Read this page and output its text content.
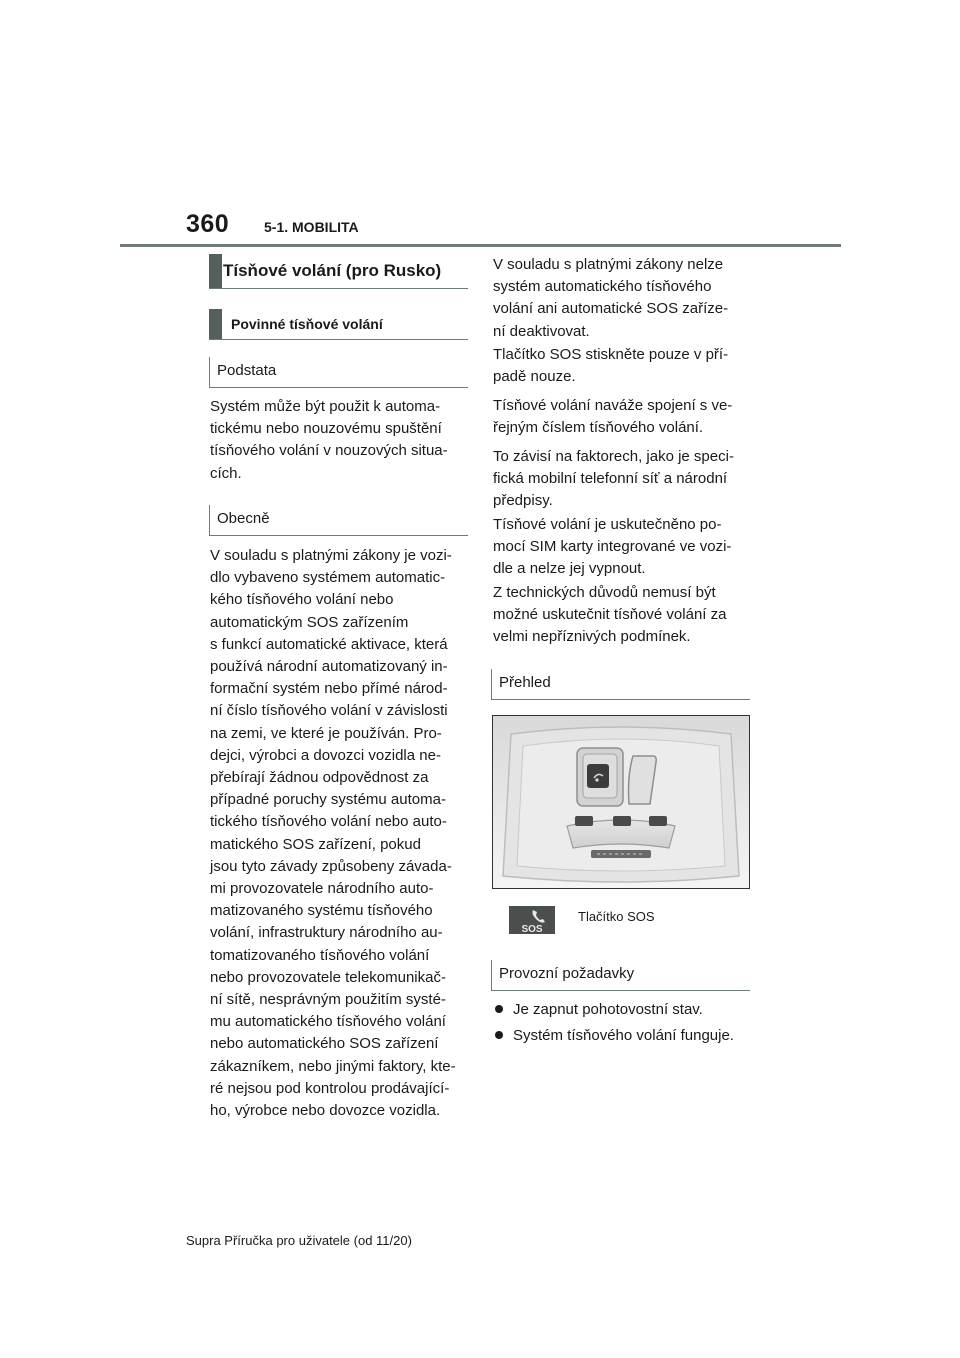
360 5-1. MOBILITA
Tísňové volání (pro Rusko)
Povinné tísňové volání
Podstata
Systém může být použit k automa-
tickému nebo nouzovému spuštění
tísňového volání v nouzových situa-
cích.
Obecně
V souladu s platnými zákony je vozi-
dlo vybaveno systémem automatic-
kého tísňového volání nebo
automatickým SOS zařízením
s funkcí automatické aktivace, která
používá národní automatizovaný in-
formační systém nebo přímé národ-
ní číslo tísňového volání v závislosti
na zemi, ve které je používán. Pro-
dejci, výrobci a dovozci vozidla ne-
přebírají žádnou odpovědnost za
případné poruchy systému automa-
tického tísňového volání nebo auto-
matického SOS zařízení, pokud
jsou tyto závady způsobeny závada-
mi provozovatele národního auto-
matizovaného systému tísňového
volání, infrastruktury národního au-
tomatizovaného tísňového volání
nebo provozovatele telekomunikač-
ní sítě, nesprávným použitím systé-
mu automatického tísňového volání
nebo automatického SOS zařízení
zákazníkem, nebo jinými faktory, kte-
ré nejsou pod kontrolou prodávající-
ho, výrobce nebo dovozce vozidla.
V souladu s platnými zákony nelze
systém automatického tísňového
volání ani automatické SOS zaříze-
ní deaktivovat.
Tlačítko SOS stiskněte pouze v pří-
padě nouze.
Tísňové volání naváže spojení s ve-
řejným číslem tísňového volání.
To závisí na faktorech, jako je speci-
fická mobilní telefonní síť a národní
předpisy.
Tísňové volání je uskutečněno po-
mocí SIM karty integrované ve vozi-
dle a nelze jej vypnout.
Z technických důvodů nemusí být
možné uskutečnit tísňové volání za
velmi nepříznivých podmínek.
Přehled
SOS
Tlačítko SOS
Provozní požadavky
Je zapnut pohotovostní stav.
Systém tísňového volání funguje.
Supra Příručka pro uživatele (od 11/20)
